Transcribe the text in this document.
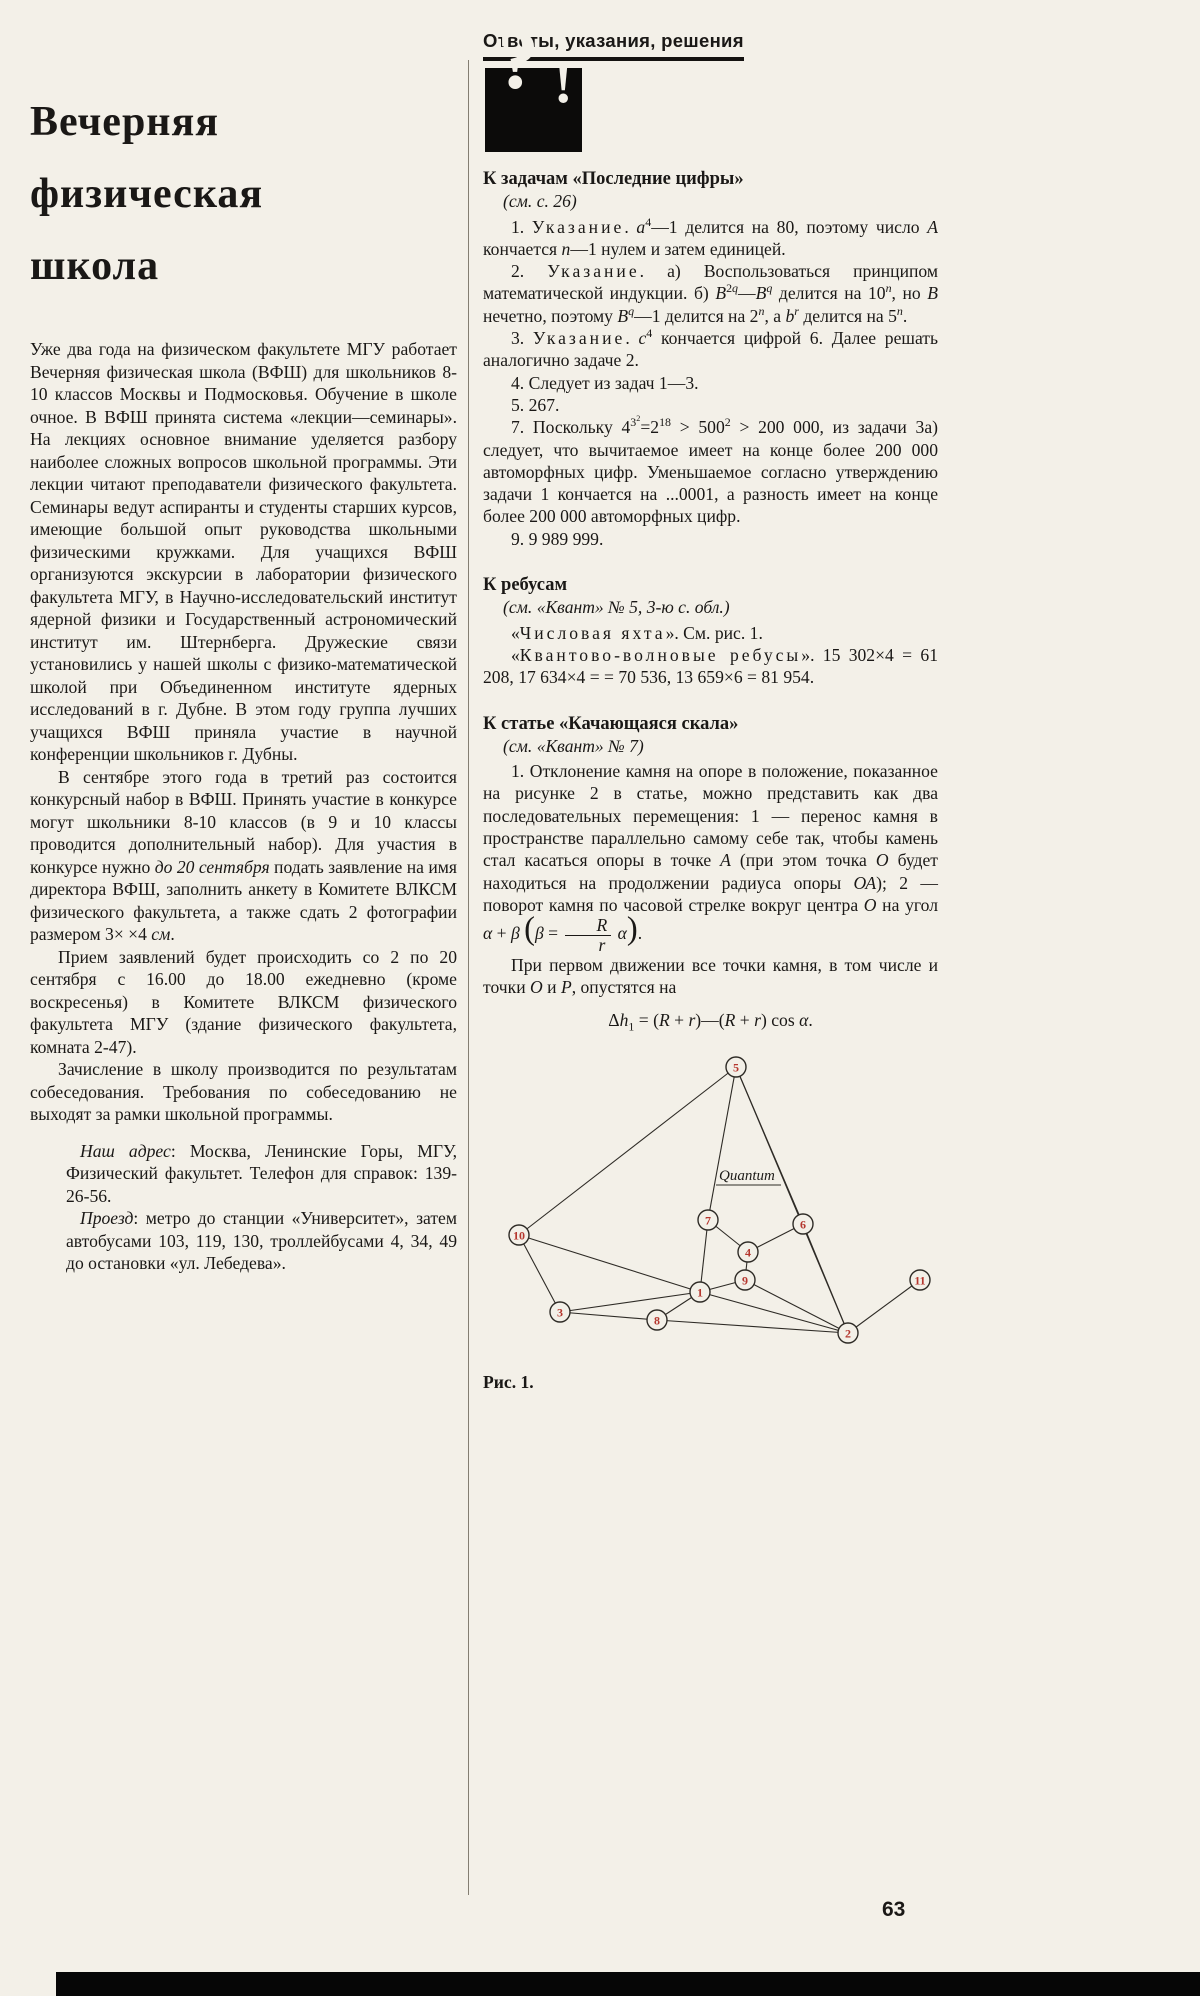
Ответы, указания, решения
Вечерняя
физическая
школа

Уже два года на физическом факультете МГУ работает Вечерняя физическая школа (ВФШ) для школьников 8-10 классов Москвы и Подмосковья. Обучение в школе очное. В ВФШ принята система «лекции—семинары». На лекциях основное внимание уделяется разбору наиболее сложных вопросов школьной программы. Эти лекции читают преподаватели физического факультета. Семинары ведут аспиранты и студенты старших курсов, имеющие большой опыт руководства школьными физическими кружками. Для учащихся ВФШ организуются экскурсии в лаборатории физического факультета МГУ, в Научно-исследовательский институт ядерной физики и Государственный астрономический институт им. Штернберга. Дружеские связи установились у нашей школы с физико-математической школой при Объединенном институте ядерных исследований в г. Дубне. В этом году группа лучших учащихся ВФШ приняла участие в научной конференции школьников г. Дубны.

В сентябре этого года в третий раз состоится конкурсный набор в ВФШ. Принять участие в конкурсе могут школьники 8-10 классов (в 9 и 10 классы проводится дополнительный набор). Для участия в конкурсе нужно до 20 сентября подать заявление на имя директора ВФШ, заполнить анкету в Комитете ВЛКСМ физического факультета, а также сдать 2 фотографии размером 3× ×4 см.

Прием заявлений будет происходить со 2 по 20 сентября с 16.00 до 18.00 ежедневно (кроме воскресенья) в Комитете ВЛКСМ физического факультета МГУ (здание физического факультета, комната 2-47).

Зачисление в школу производится по результатам собеседования. Требования по собеседованию не выходят за рамки школьной программы.

Наш адрес: Москва, Ленинские Горы, МГУ, Физический факультет. Телефон для справок: 139-26-56.

Проезд: метро до станции «Университет», затем автобусами 103, 119, 130, троллейбусами 4, 34, 49 до остановки «ул. Лебедева».

? !
К задачам «Последние цифры»
(см. с. 26)

1. Указание. $a^4—1$ делится на 80, поэтому число А кончается n—1 нулем и затем единицей.

2. Указание. а) Воспользоваться принципом математической индукции. б) $B^{2q}—B^q$ делится на 10$^n$, но B нечетно, поэтому $B^q—1$ делится на 2$^n$, а $b^r$ делится на 5$^n$.

3. Указание. $c^4$ кончается цифрой 6. Далее решать аналогично задаче 2.

4. Следует из задач 1—3.

5. 267.

7. Поскольку $4^{3^2}=2^{18} > 500^2 > 200$ 000, из задачи 3а) следует, что вычитаемое имеет на конце более 200 000 автоморфных цифр. Уменьшаемое согласно утверждению задачи 1 кончается на ...0001, а разность имеет на конце более 200 000 автоморфных цифр.

9. 9 989 999.

К ребусам
(см. «Квант» № 5, 3-ю с. обл.)

«Числовая яхта». См. рис. 1.

«Квантово-волновые ребусы». 15 302×4 = 61 208, 17 634×4 = = 70 536, 13 659×6 = 81 954.

К статье «Качающаяся скала»
(см. «Квант» № 7)

1. Отклонение камня на опоре в положение, показанное на рисунке 2 в статье, можно представить как два последовательных перемещения: 1 — перенос камня в пространстве параллельно самому себе так, чтобы камень стал касаться опоры в точке А (при этом точка О будет находиться на продолжении радиуса опоры ОА); 2 — поворот камня по часовой стрелке вокруг центра О на угол α + β $(\beta = \frac{R}{r} \alpha)$.

При первом движении все точки камня, в том числе и точки О и Р, опустятся на

$\Delta h_1 = (R$ + r)—(R + r) cos α.
Quantum
5
10
7	6
4
9
1
3
8
2
11
Рис. 1.
63
